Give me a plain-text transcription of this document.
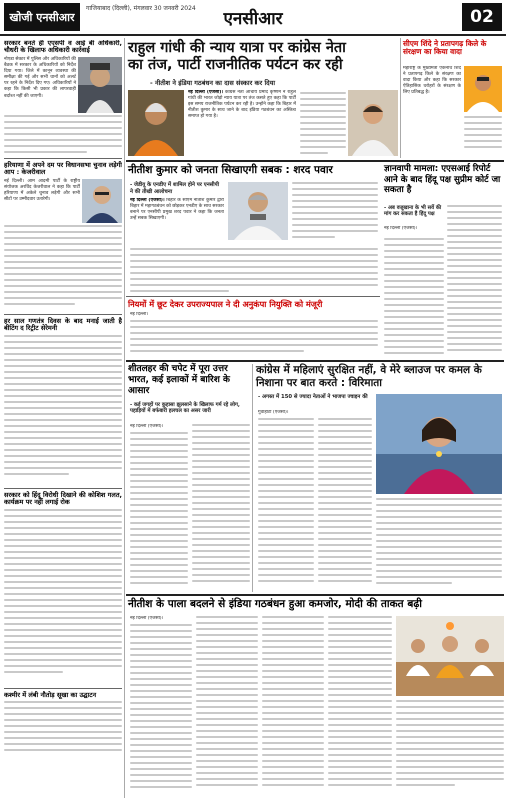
खोजी एनसीआर
गाजियाबाद (दिल्ली), मंगलवार 30 जनवरी 2024
एनसीआर	02
सरकार बनते ही एएसपी व आई बी अधिकारी, चौधरी के खिलाफ अधिकारी कार्रवाई
नोएडा सेक्टर में पुलिस और अधिकारियों की बैठक में सरकार के अधिकारियों को निर्देश दिया गया। जिले में कानून व्यवस्था की समीक्षा की गई और सभी थानों को अलर्ट पर रहने के निर्देश दिए गए। अधिकारियों ने कहा कि किसी भी प्रकार की लापरवाही बर्दाश्त नहीं की जाएगी।
हरियाणा में अपने दम पर विधानसभा चुनाव लड़ेगी आप : केजरीवाल
नई दिल्ली। आम आदमी पार्टी के राष्ट्रीय संयोजक अरविंद केजरीवाल ने कहा कि पार्टी हरियाणा में अकेले चुनाव लड़ेगी और सभी सीटों पर उम्मीदवार उतारेगी।
हर साल गणतंत्र दिवस के बाद मनाई जाती है बीटिंग द रिट्रीट सेरेमनी
सरकार को हिंदू विरोधी दिखाने की कोशिश गलत, कार्यक्रम पर नहीं लगाई रोक
कश्मीर में लंबी नौतोड़ सूखा का उद्घाटन
राहुल गांधी की न्याय यात्रा पर कांग्रेस नेता
का तंज, पार्टी राजनीतिक पर्यटन कर रही
- नीतीश ने इंडिया गठबंधन का दास संस्कार कर दिया
नई दिल्ली (एजेंसी)। कांग्रेस नेता आचार्य प्रमोद कृष्णम ने राहुल गांधी की भारत जोड़ो न्याय यात्रा पर तंज कसते हुए कहा कि पार्टी इस समय राजनीतिक पर्यटन कर रही है। उन्होंने कहा कि बिहार में नीतीश कुमार के साथ जाने के बाद इंडिया गठबंधन का अस्तित्व समाप्त हो गया है।
सीएम शिंदे ने प्रतापगढ़ किले के संरक्षण का किया वादा
महाराष्ट्र के मुख्यमंत्री एकनाथ शिंदे ने प्रतापगढ़ किले के संरक्षण का वादा किया और कहा कि सरकार ऐतिहासिक धरोहरों के संरक्षण के लिए प्रतिबद्ध है।
नीतीश कुमार को जनता सिखाएगी सबक : शरद पवार
- जेडीयू के एनडीए में शामिल होने पर एनसीपी ने की तीखी आलोचना
नई दिल्ली (एजेंसी)। बिहार के सीएम नीतीश कुमार द्वारा बिहार में महागठबंधन को छोड़कर एनडीए के साथ सरकार बनाने पर एनसीपी प्रमुख शरद पवार ने कहा कि जनता उन्हें सबक सिखाएगी।
ज्ञानवापी मामला: एएसआई रिपोर्ट आने के बाद हिंदू पक्ष सुप्रीम कोर्ट जा सकता है
- अब वजूखाना के भी सर्वे की मांग कर सकता है हिंदू पक्ष
नई दिल्ली (एजेंसी)।
नियमों में छूट देकर उपराज्यपाल ने दी अनुकंपा नियुक्ति को मंजूरी
नई दिल्ली।
शीतलहर की चपेट में पूरा उत्तर भारत, कई इलाकों में बारिश के आसार
- कई जगहों पर कुहासा झुलसाने के खिलाफ गर्म रहे लोग, पहाड़ियों में बर्फबारी हलचल का असर जारी
नई दिल्ली (एजेंसी)।
कांग्रेस में महिलाएं सुरक्षित नहीं, वे मेरे ब्लाउज पर कमल के निशाना पर बात करते : विरिमाता
- अगस्त में 150 से ज्यादा नेताओं ने भाजपा ज्वाइन की
गुवाहाटी (एजेंसी)।
नीतीश के पाला बदलने से इंडिया गठबंधन हुआ कमजोर, मोदी की ताकत बढ़ी
नई दिल्ली (एजेंसी)।
